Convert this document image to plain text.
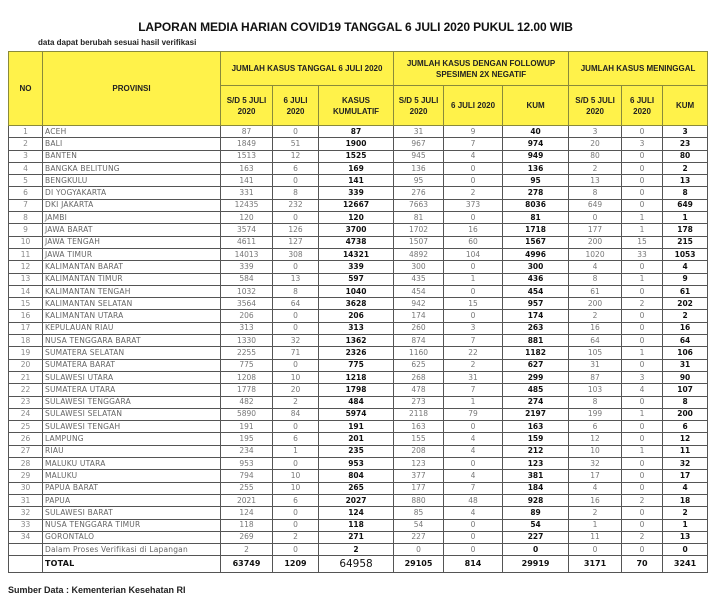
LAPORAN MEDIA HARIAN COVID19 TANGGAL 6 JULI 2020 PUKUL 12.00 WIB
data dapat berubah sesuai hasil verifikasi
NO	PROVINSI	JUMLAH KASUS TANGGAL 6 JULI 2020			JUMLAH KASUS DENGAN FOLLOWUP SPESIMEN 2X NEGATIF			JUMLAH KASUS MENINGGAL		
		S/D 5 JULI 2020	6 JULI 2020	KASUS KUMULATIF	S/D 5 JULI 2020	6 JULI 2020	KUM	S/D 5 JULI 2020	6 JULI 2020	KUM
1	ACEH	87	0	87	31	9	40	3	0	3
2	BALI	1849	51	1900	967	7	974	20	3	23
3	BANTEN	1513	12	1525	945	4	949	80	0	80
4	BANGKA BELITUNG	163	6	169	136	0	136	2	0	2
5	BENGKULU	141	0	141	95	0	95	13	0	13
6	DI YOGYAKARTA	331	8	339	276	2	278	8	0	8
7	DKI JAKARTA	12435	232	12667	7663	373	8036	649	0	649
8	JAMBI	120	0	120	81	0	81	0	1	1
9	JAWA BARAT	3574	126	3700	1702	16	1718	177	1	178
10	JAWA TENGAH	4611	127	4738	1507	60	1567	200	15	215
11	JAWA TIMUR	14013	308	14321	4892	104	4996	1020	33	1053
12	KALIMANTAN BARAT	339	0	339	300	0	300	4	0	4
13	KALIMANTAN TIMUR	584	13	597	435	1	436	8	1	9
14	KALIMANTAN TENGAH	1032	8	1040	454	0	454	61	0	61
15	KALIMANTAN SELATAN	3564	64	3628	942	15	957	200	2	202
16	KALIMANTAN UTARA	206	0	206	174	0	174	2	0	2
17	KEPULAUAN RIAU	313	0	313	260	3	263	16	0	16
18	NUSA TENGGARA BARAT	1330	32	1362	874	7	881	64	0	64
19	SUMATERA SELATAN	2255	71	2326	1160	22	1182	105	1	106
20	SUMATERA BARAT	775	0	775	625	2	627	31	0	31
21	SULAWESI UTARA	1208	10	1218	268	31	299	87	3	90
22	SUMATERA UTARA	1778	20	1798	478	7	485	103	4	107
23	SULAWESI TENGGARA	482	2	484	273	1	274	8	0	8
24	SULAWESI SELATAN	5890	84	5974	2118	79	2197	199	1	200
25	SULAWESI TENGAH	191	0	191	163	0	163	6	0	6
26	LAMPUNG	195	6	201	155	4	159	12	0	12
27	RIAU	234	1	235	208	4	212	10	1	11
28	MALUKU UTARA	953	0	953	123	0	123	32	0	32
29	MALUKU	794	10	804	377	4	381	17	0	17
30	PAPUA BARAT	255	10	265	177	7	184	4	0	4
31	PAPUA	2021	6	2027	880	48	928	16	2	18
32	SULAWESI BARAT	124	0	124	85	4	89	2	0	2
33	NUSA TENGGARA TIMUR	118	0	118	54	0	54	1	0	1
34	GORONTALO	269	2	271	227	0	227	11	2	13
	Dalam Proses Verifikasi di Lapangan	2	0	2	0	0	0	0	0	0
	TOTAL	63749	1209	64958	29105	814	29919	3171	70	3241
Sumber Data : Kementerian Kesehatan RI
